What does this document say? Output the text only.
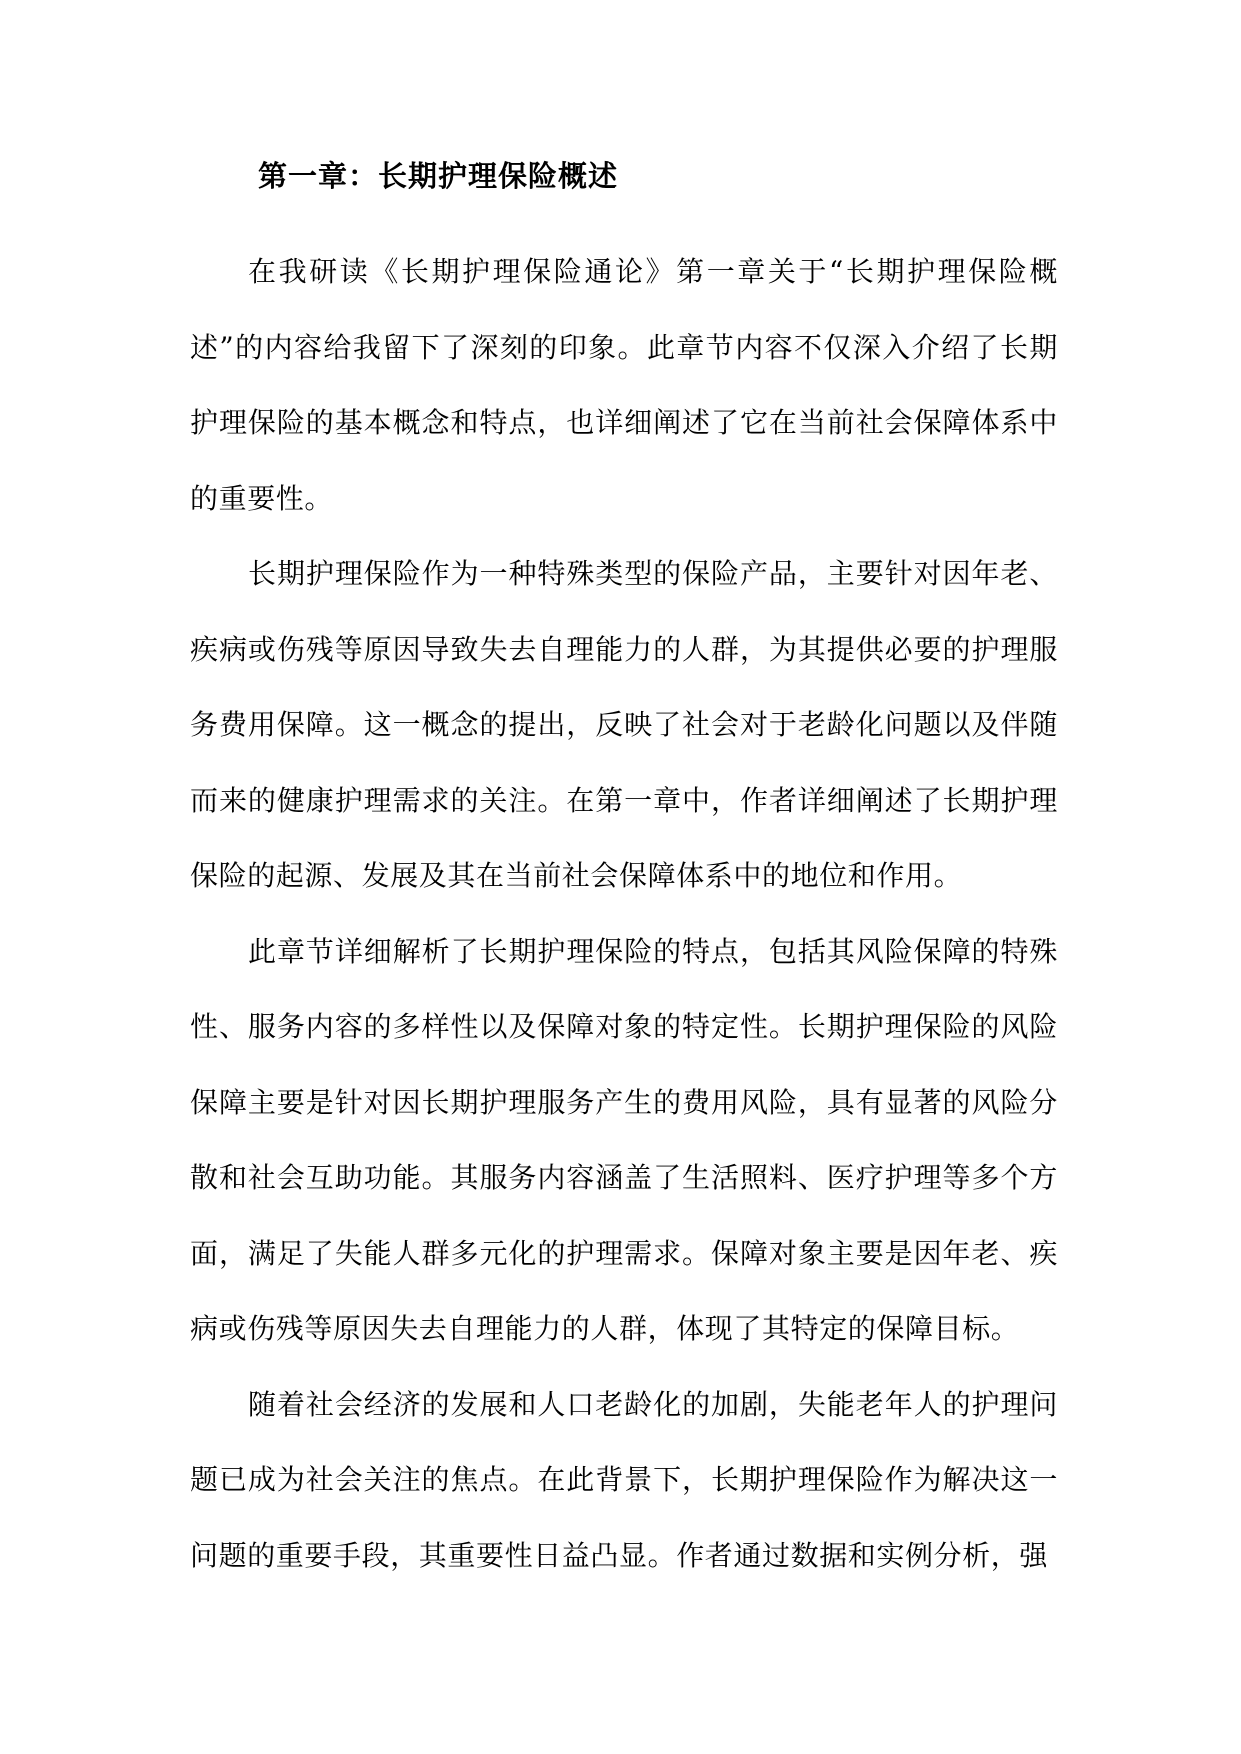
第一章：长期护理保险概述

在我研读《长期护理保险通论》第一章关于“长期护理保险概述”的内容给我留下了深刻的印象。此章节内容不仅深入介绍了长期护理保险的基本概念和特点，也详细阐述了它在当前社会保障体系中的重要性。

长期护理保险作为一种特殊类型的保险产品，主要针对因年老、疾病或伤残等原因导致失去自理能力的人群，为其提供必要的护理服务费用保障。这一概念的提出，反映了社会对于老龄化问题以及伴随而来的健康护理需求的关注。在第一章中，作者详细阐述了长期护理保险的起源、发展及其在当前社会保障体系中的地位和作用。

此章节详细解析了长期护理保险的特点，包括其风险保障的特殊性、服务内容的多样性以及保障对象的特定性。长期护理保险的风险保障主要是针对因长期护理服务产生的费用风险，具有显著的风险分散和社会互助功能。其服务内容涵盖了生活照料、医疗护理等多个方面，满足了失能人群多元化的护理需求。保障对象主要是因年老、疾病或伤残等原因失去自理能力的人群，体现了其特定的保障目标。

随着社会经济的发展和人口老龄化的加剧，失能老年人的护理问题已成为社会关注的焦点。在此背景下，长期护理保险作为解决这一问题的重要手段，其重要性日益凸显。作者通过数据和实例分析，强
